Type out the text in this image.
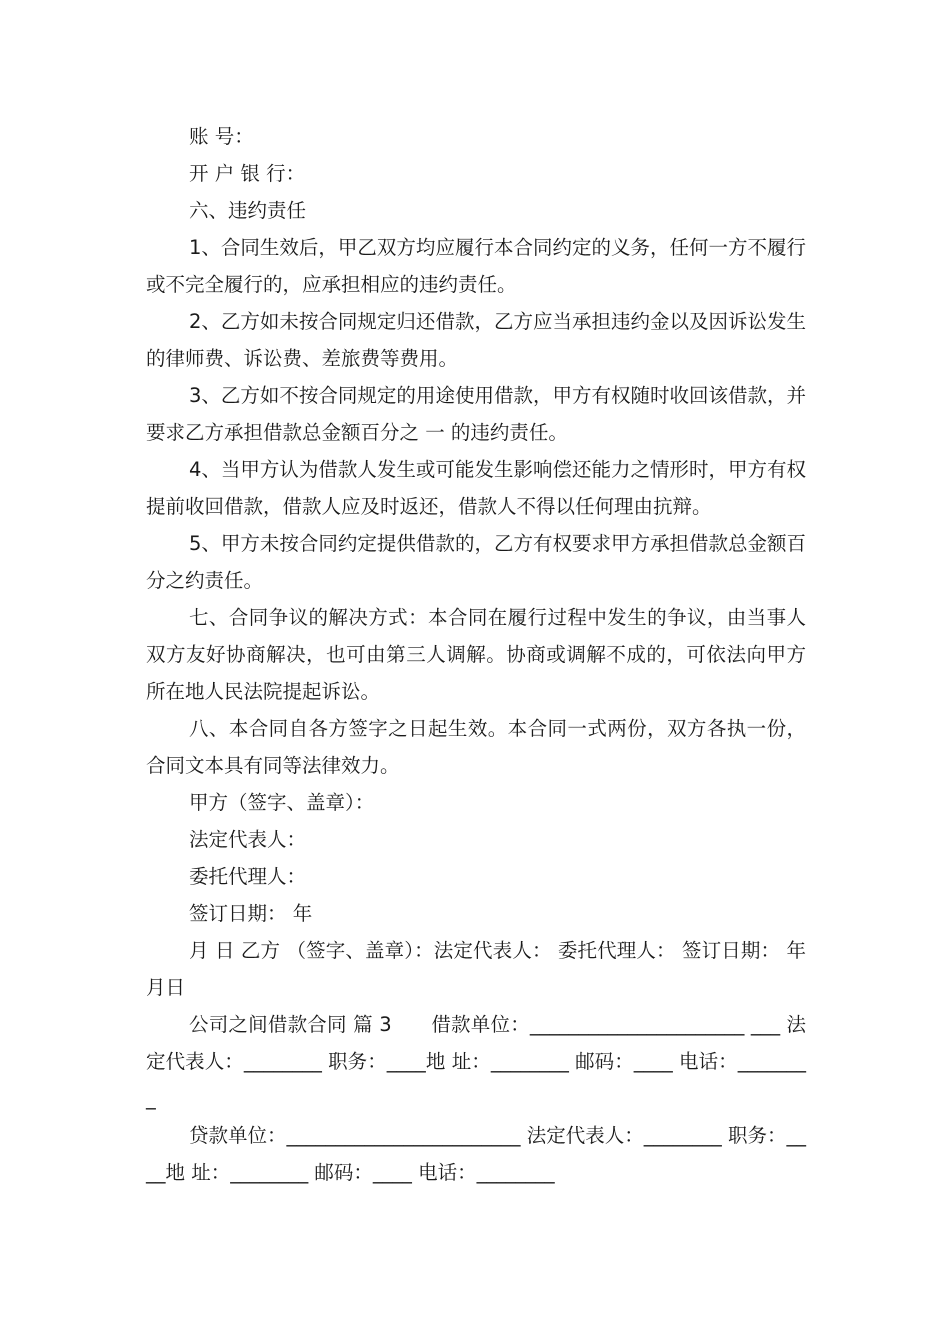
账 号：

开 户 银 行：

六、违约责任

1、合同生效后，甲乙双方均应履行本合同约定的义务，任何一方不履行或不完全履行的，应承担相应的违约责任。

2、乙方如未按合同规定归还借款，乙方应当承担违约金以及因诉讼发生的律师费、诉讼费、差旅费等费用。

3、乙方如不按合同规定的用途使用借款，甲方有权随时收回该借款，并要求乙方承担借款总金额百分之 一 的违约责任。

4、当甲方认为借款人发生或可能发生影响偿还能力之情形时，甲方有权提前收回借款，借款人应及时返还，借款人不得以任何理由抗辩。

5、甲方未按合同约定提供借款的，乙方有权要求甲方承担借款总金额百分之约责任。

七、合同争议的解决方式：本合同在履行过程中发生的争议，由当事人双方友好协商解决，也可由第三人调解。协商或调解不成的，可依法向甲方所在地人民法院提起诉讼。

八、本合同自各方签字之日起生效。本合同一式两份，双方各执一份，合同文本具有同等法律效力。

甲方（签字、盖章）：

法定代表人：

委托代理人：

签订日期： 年

月 日 乙方 （签字、盖章）：法定代表人： 委托代理人： 签订日期： 年 月日

公司之间借款合同 篇 3　　借款单位：______________________ ___ 法定代表人：________ 职务：____地 址：________ 邮码：____ 电话：________

贷款单位：________________________ 法定代表人：________ 职务：____地 址：________ 邮码：____ 电话：________
